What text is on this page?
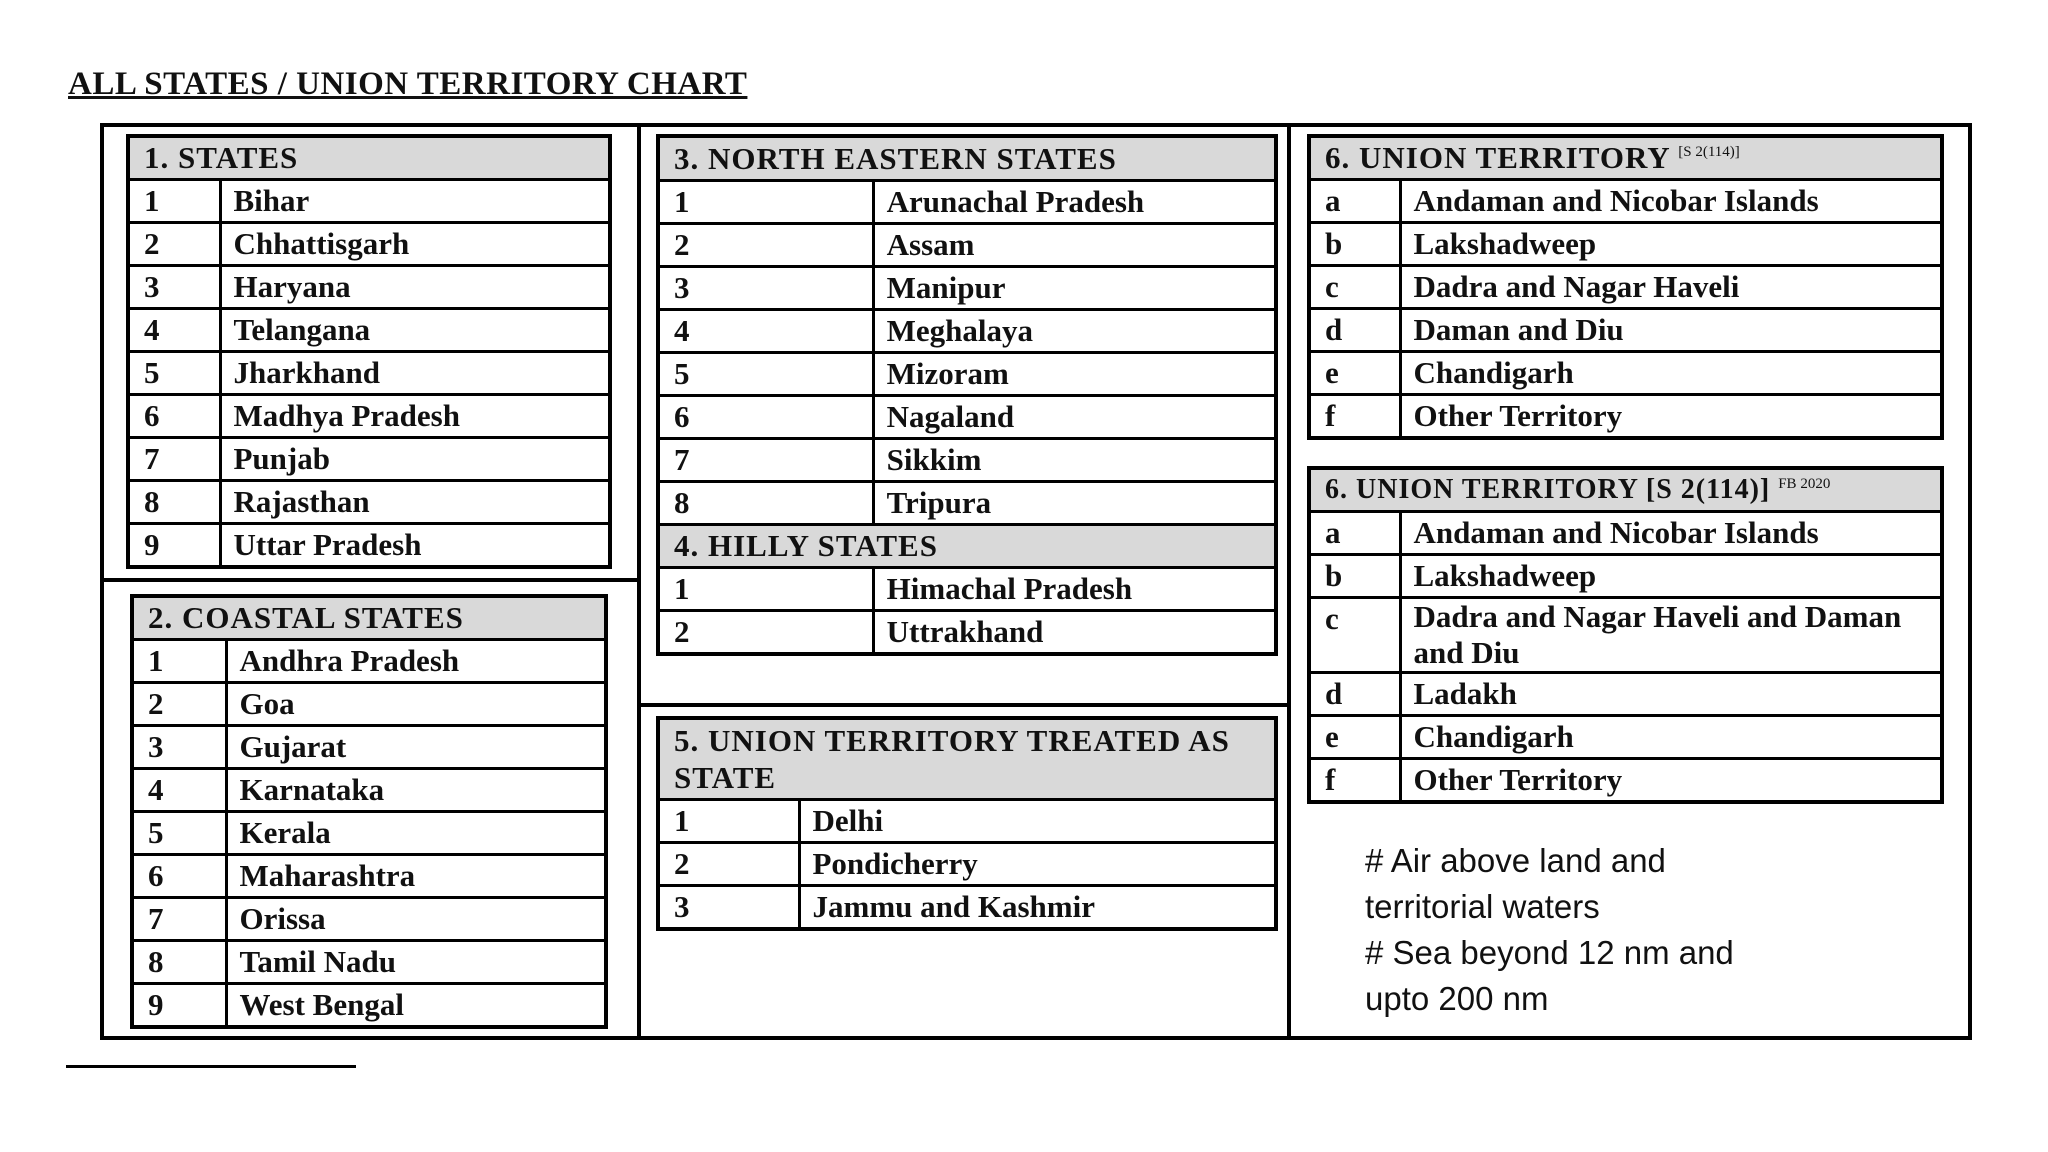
ALL STATES / UNION TERRITORY CHART
1. STATES	
1	Bihar
2	Chhattisgarh
3	Haryana
4	Telangana
5	Jharkhand
6	Madhya Pradesh
7	Punjab
8	Rajasthan
9	Uttar Pradesh
2. COASTAL STATES	
1	Andhra Pradesh
2	Goa
3	Gujarat
4	Karnataka
5	Kerala
6	Maharashtra
7	Orissa
8	Tamil Nadu
9	West Bengal
3. NORTH EASTERN STATES	
1	Arunachal Pradesh
2	Assam
3	Manipur
4	Meghalaya
5	Mizoram
6	Nagaland
7	Sikkim
8	Tripura
4. HILLY STATES	
1	Himachal Pradesh
2	Uttrakhand
5. UNION TERRITORY TREATED AS STATE	
1	Delhi
2	Pondicherry
3	Jammu and Kashmir
6. UNION TERRITORY [S 2(114)]
a	Andaman and Nicobar Islands
b	Lakshadweep
c	Dadra and Nagar Haveli
d	Daman and Diu
e	Chandigarh
f	Other Territory
6. UNION TERRITORY [S 2(114)] $^{FB 2020}$
a	Andaman and Nicobar Islands
b	Lakshadweep
c	Dadra and Nagar Haveli and Daman and Diu
d	Ladakh
e	Chandigarh
f	Other Territory
# Air above land and
territorial waters
# Sea beyond 12 nm and
upto 200 nm
